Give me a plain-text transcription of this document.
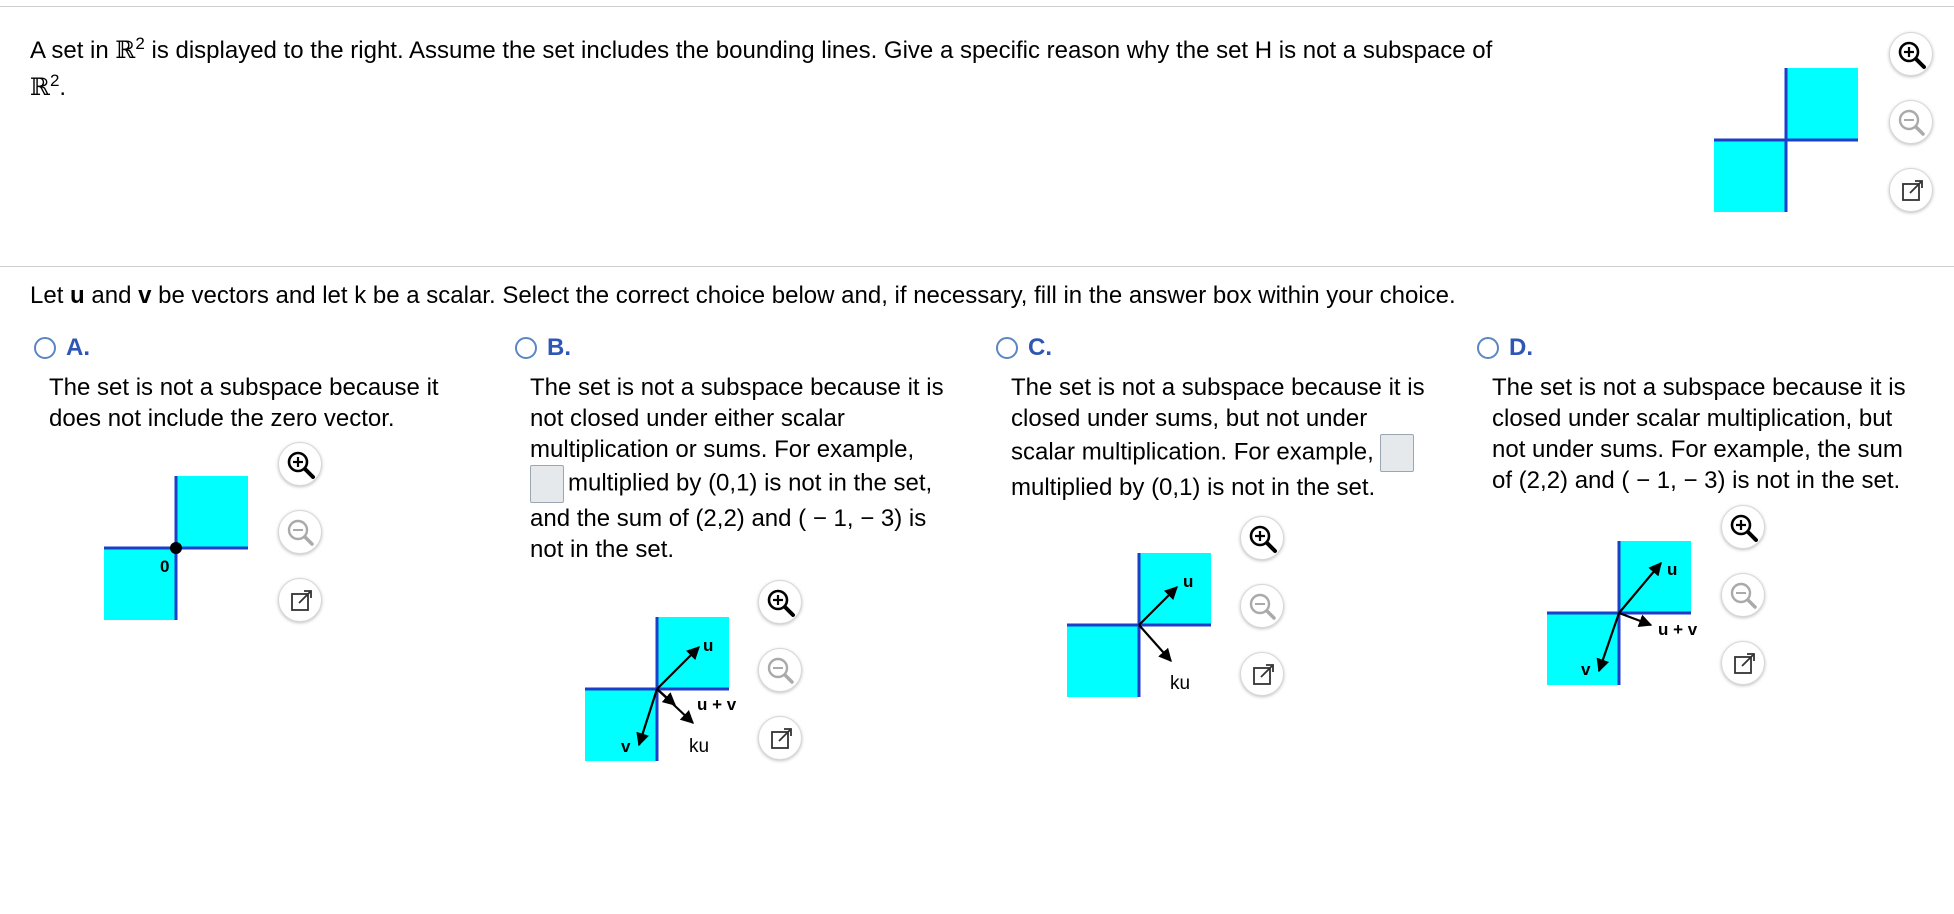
A set in ℝ$^2$ is displayed to the right. Assume the set includes the bounding lines. Give a specific reason why the set H is not a subspace of
ℝ$^2$.
Let u and v be vectors and let k be a scalar. Select the correct choice below and, if necessary, fill in the answer box within your choice.
A.
The set is not a subspace because it
does not include the zero vector.
0
B.
The set is not a subspace because it is
not closed under either scalar
multiplication or sums. For example,
multiplied by (0,1) is not in the set,
and the sum of (2,2) and ( − 1, − 3) is
not in the set.
u
u + v
v	ku
C.
The set is not a subspace because it is
closed under sums, but not under
scalar multiplication. For example,
multiplied by (0,1) is not in the set.
u
ku
D.
The set is not a subspace because it is
closed under scalar multiplication, but
not under sums. For example, the sum
of (2,2) and ( − 1, − 3) is not in the set.
u
u + v
v
